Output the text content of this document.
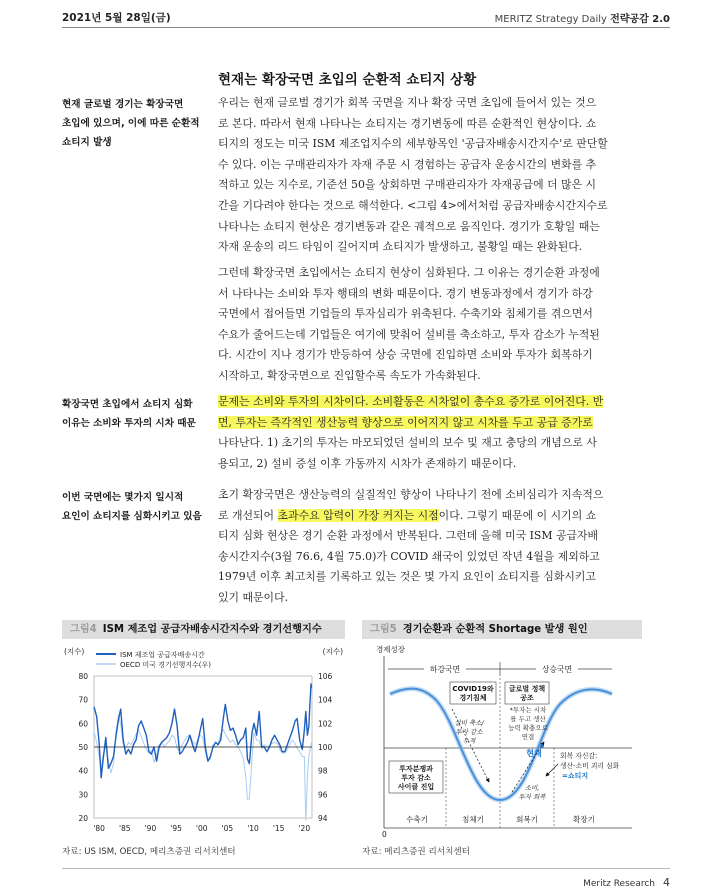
2021년 5월 28일(금)	MERITZ Strategy Daily 전략공감 2.0
현재는 확장국면 초입의 순환적 쇼티지 상황
현재 글로벌 경기는 확장국면
초입에 있으며, 이에 따른 순환적
쇼티지 발생
우리는 현재 글로벌 경기가 회복 국면을 지나 확장 국면 초입에 들어서 있는 것으
로 본다. 따라서 현재 나타나는 쇼티지는 경기변동에 따른 순환적인 현상이다. 쇼
티지의 정도는 미국 ISM 제조업지수의 세부항목인 '공급자배송시간지수'로 판단할
수 있다. 이는 구매관리자가 자재 주문 시 경험하는 공급자 운송시간의 변화를 추
적하고 있는 지수로, 기준선 50을 상회하면 구매관리자가 자재공급에 더 많은 시
간을 기다려야 한다는 것으로 해석한다. <그림 4>에서처럼 공급자배송시간지수로
나타나는 쇼티지 현상은 경기변동과 같은 궤적으로 움직인다. 경기가 호황일 때는
자재 운송의 리드 타임이 길어지며 쇼티지가 발생하고, 불황일 때는 완화된다.
그런데 확장국면 초입에서는 쇼티지 현상이 심화된다. 그 이유는 경기순환 과정에
서 나타나는 소비와 투자 행태의 변화 때문이다. 경기 변동과정에서 경기가 하강
국면에서 접어들면 기업들의 투자심리가 위축된다. 수축기와 침체기를 겪으면서
수요가 줄어드는데 기업들은 여기에 맞춰어 설비를 축소하고, 투자 감소가 누적된
다. 시간이 지나 경기가 반등하여 상승 국면에 진입하면 소비와 투자가 회복하기
시작하고, 확장국면으로 진입할수록 속도가 가속화된다.
확장국면 초입에서 쇼티지 심화
이유는 소비와 투자의 시차 때문
문제는 소비와 투자의 시차이다. 소비활동은 시차없이 총수요 증가로 이어진다. 반
면, 투자는 즉각적인 생산능력 향상으로 이어지지 않고 시차를 두고 공급 증가로
나타난다. 1) 초기의 투자는 마모되었던 설비의 보수 및 재고 충당의 개념으로 사
용되고, 2) 설비 증설 이후 가동까지 시차가 존재하기 때문이다.
이번 국면에는 몇가지 일시적
요인이 쇼티지를 심화시키고 있음
초기 확장국면은 생산능력의 실질적인 향상이 나타나기 전에 소비심리가 지속적으
로 개선되어 초과수요 압력이 가장 커지는 시점이다. 그렇기 때문에 이 시기의 쇼
티지 심화 현상은 경기 순환 과정에서 반복된다. 그런데 올해 미국 ISM 공급자배
송시간지수(3월 76.6, 4월 75.0)가 COVID 쇄국이 있었던 작년 4월을 제외하고
1979년 이후 최고치를 기록하고 있는 것은 몇 가지 요인이 쇼티지를 심화시키고
있기 때문이다.
그림4 ISM 제조업 공급자배송시간지수와 경기선행지수
(지수)	(지수)
80
70
60
50
40
30
20
106
104
102
100
98
96
94
'80 '85 '90 '95 '00 '05 '10 '15 '20
ISM 제조업 공급자배송시간
OECD 미국 경기선행지수(우)
자료: US ISM, OECD, 메리츠증권 리서치센터
그림5 경기순환과 순환적 Shortage 발생 원인
경제성장
0
하강국면	상승국면
COVID19와
경기침체
글로벌 정책
공조
*투자는 시차
를 두고 생산
능력 확충으로
연결
설비 축소/
투자 감소
누적
소비,
투자 회복
현재	회복 자신감:
생산-소비 괴리 심화
=쇼티지
투자분쟁과
투자 감소
사이클 진입
수축기	침체기	회복기	확장기
자료: 메리츠증권 리서치센터
Meritz Research 4
